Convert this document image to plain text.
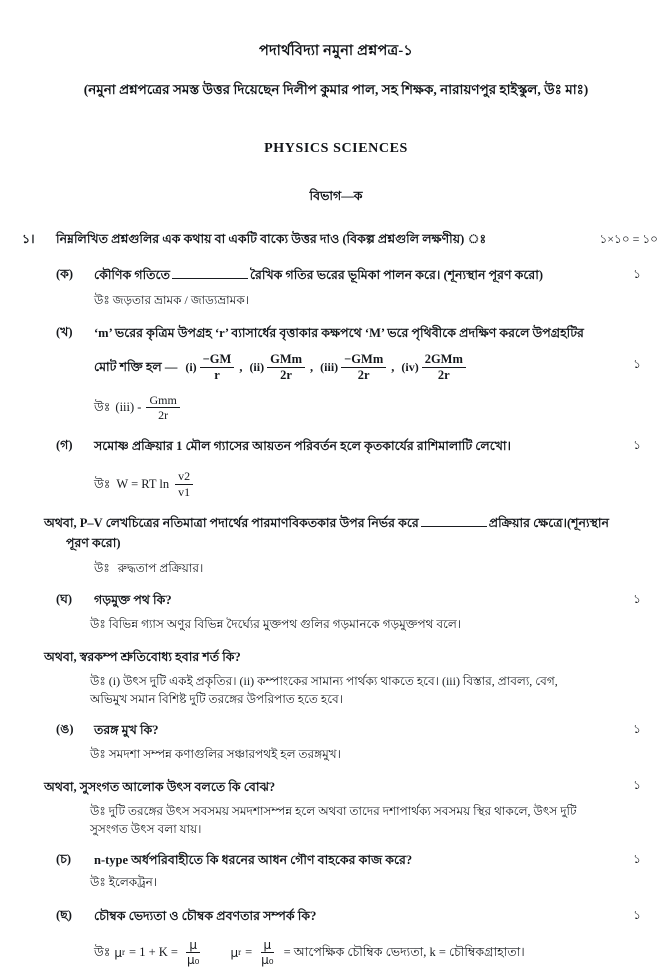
পদার্থবিদ্যা নমুনা প্রশ্নপত্র-১
(নমুনা প্রশ্নপত্রের সমস্ত উত্তর দিয়েছেন দিলীপ কুমার পাল, সহ শিক্ষক, নারায়ণপুর হাইস্কুল, উঃ মাঃ)
PHYSICS SCIENCES
বিভাগ—ক
১।	নিম্নলিখিত প্রশ্নগুলির এক কথায় বা একটি বাক্যে উত্তর দাও (বিকল্প প্রশ্নগুলি লক্ষণীয়) ঃ	১×১০ = ১০
(ক)	কৌণিক গতিতে	রৈখিক গতির ভরের ভূমিকা পালন করে। (শূন্যস্থান পূরণ করো)	১
উঃ জড়তার ভ্রামক / জাড্যভ্রামক।
(খ)	‘m’ ভরের কৃত্রিম উপগ্রহ ‘r’ ব্যাসার্ধের বৃত্তাকার কক্ষপথে ‘M’ ভরে পৃথিবীকে প্রদক্ষিণ করলে উপগ্রহটির
মোট শক্তি হল — $(i) \frac{-GM}{r}$ , $(ii) \frac{\text{GMm}}{2r}$ , $(iii) \frac{\text{−GMm}}{2r}$ , $(iv) \frac{\text{2GMm}}{2r}$	১
উঃ $(iii) - \frac{\text{Gmm}}{2r}$
(গ)	সমোষ্ণ প্রক্রিয়ার 1 মৌল গ্যাসের আয়তন পরিবর্তন হলে কৃতকার্যের রাশিমালাটি লেখো।	১
উঃ W = RT $\ln \frac{v2}{v1}$
অথবা, P–V লেখচিত্রের নতিমাত্রা পদার্থের পারমাণবিকতকার উপর নির্ভর করে	প্রক্রিয়ার ক্ষেত্রে।(শূন্যস্থান
পূরণ করো)
উঃ রুদ্ধতাপ প্রক্রিয়ার।
(ঘ)	গড়মুক্ত পথ কি?	১
উঃ বিভিন্ন গ্যাস অণুর বিভিন্ন দৈর্ঘ্যের মুক্তপথ গুলির গড়মানকে গড়মুক্তপথ বলে।
অথবা, স্বরকম্প শ্রুতিবোধ্য হবার শর্ত কি?
উঃ (i) উৎস দুটি একই প্রকৃতির। (ii) কম্পাংকের সামান্য পার্থক্য থাকতে হবে। (iii) বিস্তার, প্রাবল্য, বেগ,
অভিমুখ সমান বিশিষ্ট দুটি তরঙ্গের উপরিপাত হতে হবে।
(ঙ)	তরঙ্গ মুখ কি?	১
উঃ সমদশা সম্পন্ন কণাগুলির সঞ্চারপথই হল তরঙ্গমুখ।
অথবা, সুসংগত আলোক উৎস বলতে কি বোঝ?	১
উঃ দুটি তরঙ্গের উৎস সবসময় সমদশাসম্পন্ন হলে অথবা তাদের দশাপার্থক্য সবসময় স্থির থাকলে, উৎস দুটি
সুসংগত উৎস বলা যায়।
(চ)	n-type অর্ধপরিবাহীতে কি ধরনের আধন গৌণ বাহকের কাজ করে?	১
উঃ ইলেকট্রন।
(ছ)	চৌম্বক ভেদ্যতা ও চৌম্বক প্রবণতার সম্পর্ক কি?	১
উঃ μ $r = 1 + K = \frac{\mu}{\text{μ₀}}$ μ $r = \frac{\mu}{\text{μ₀}}$ = আপেক্ষিক চৌম্বিক ভেদ্যতা, k = চৌম্বিকগ্রাহাতা।
